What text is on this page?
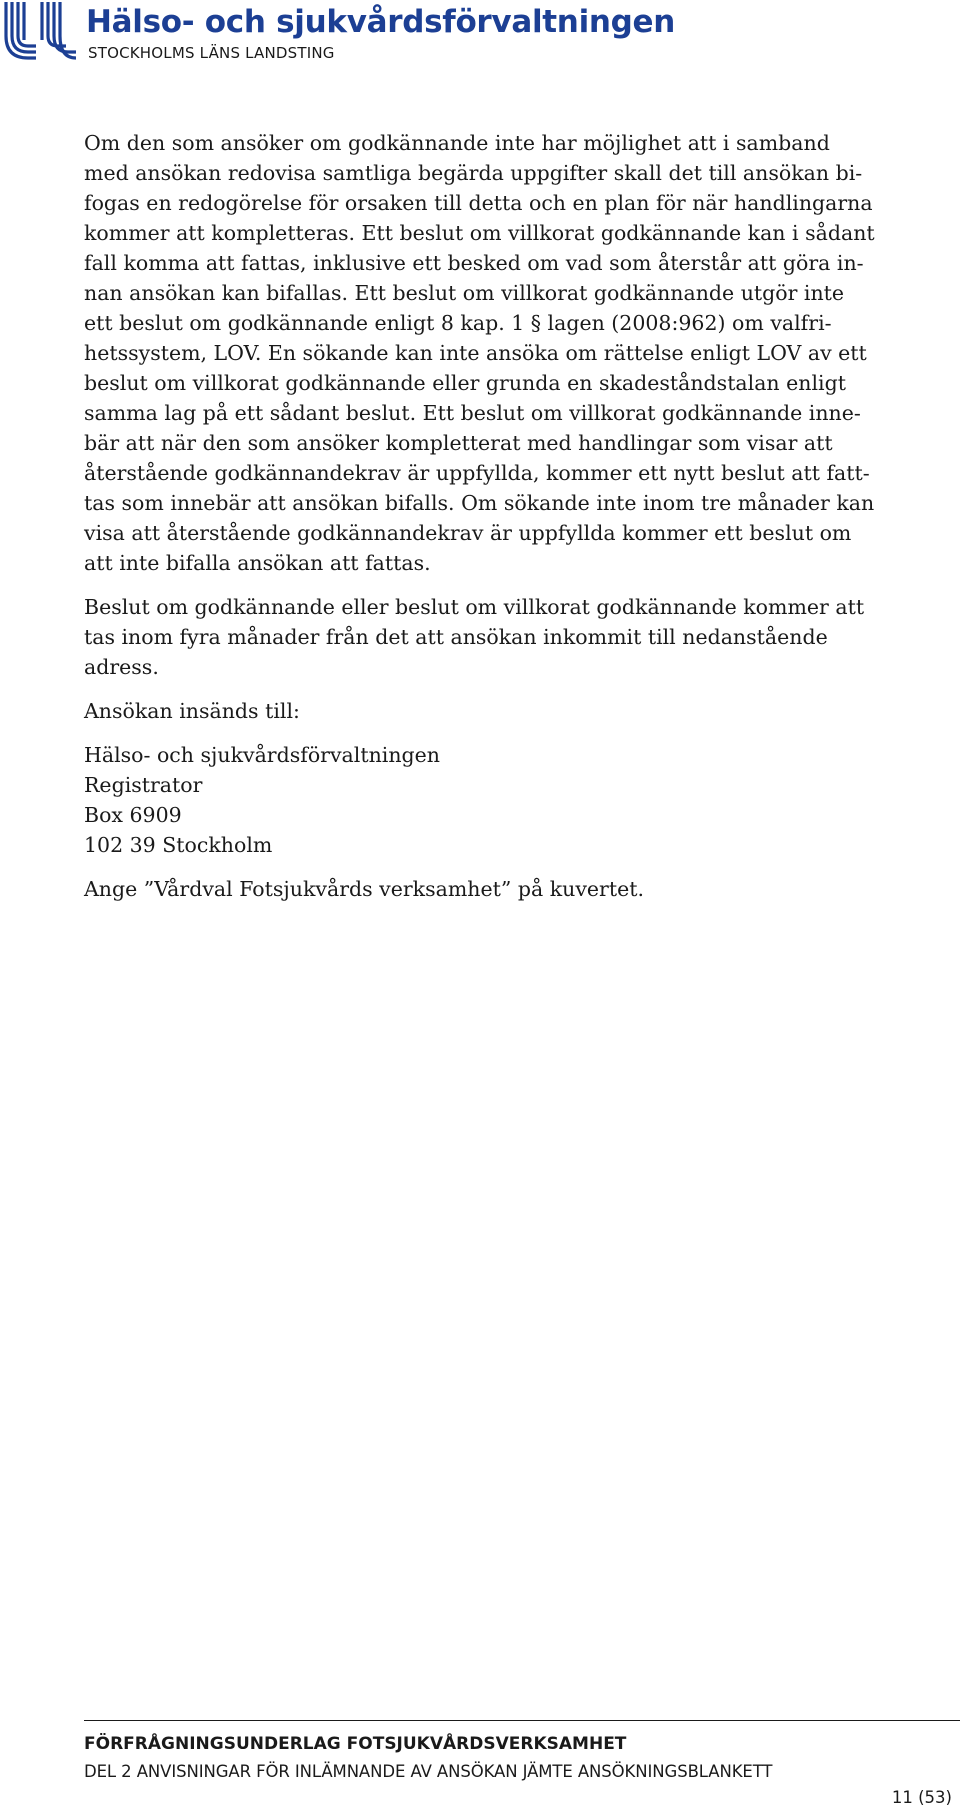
Hälso- och sjukvårdsförvaltningen
STOCKHOLMS LÄNS LANDSTING

Om den som ansöker om godkännande inte har möjlighet att i samband

med ansökan redovisa samtliga begärda uppgifter skall det till ansökan bi-

fogas en redogörelse för orsaken till detta och en plan för när handlingarna

kommer att kompletteras. Ett beslut om villkorat godkännande kan i sådant

fall komma att fattas, inklusive ett besked om vad som återstår att göra in-

nan ansökan kan bifallas. Ett beslut om villkorat godkännande utgör inte

ett beslut om godkännande enligt 8 kap. 1 § lagen (2008:962) om valfri-

hetssystem, LOV. En sökande kan inte ansöka om rättelse enligt LOV av ett

beslut om villkorat godkännande eller grunda en skadeståndstalan enligt

samma lag på ett sådant beslut. Ett beslut om villkorat godkännande inne-

bär att när den som ansöker kompletterat med handlingar som visar att

återstående godkännandekrav är uppfyllda, kommer ett nytt beslut att fatt-

tas som innebär att ansökan bifalls. Om sökande inte inom tre månader kan

visa att återstående godkännandekrav är uppfyllda kommer ett beslut om

att inte bifalla ansökan att fattas.

Beslut om godkännande eller beslut om villkorat godkännande kommer att

tas inom fyra månader från det att ansökan inkommit till nedanstående

adress.

Ansökan insänds till:

Hälso- och sjukvårdsförvaltningen

Registrator

Box 6909

102 39 Stockholm

Ange ”Vårdval Fotsjukvårds verksamhet” på kuvertet.

FÖRFRÅGNINGSUNDERLAG FOTSJUKVÅRDSVERKSAMHET
DEL 2 ANVISNINGAR FÖR INLÄMNANDE AV ANSÖKAN JÄMTE ANSÖKNINGSBLANKETT
11 (53)
